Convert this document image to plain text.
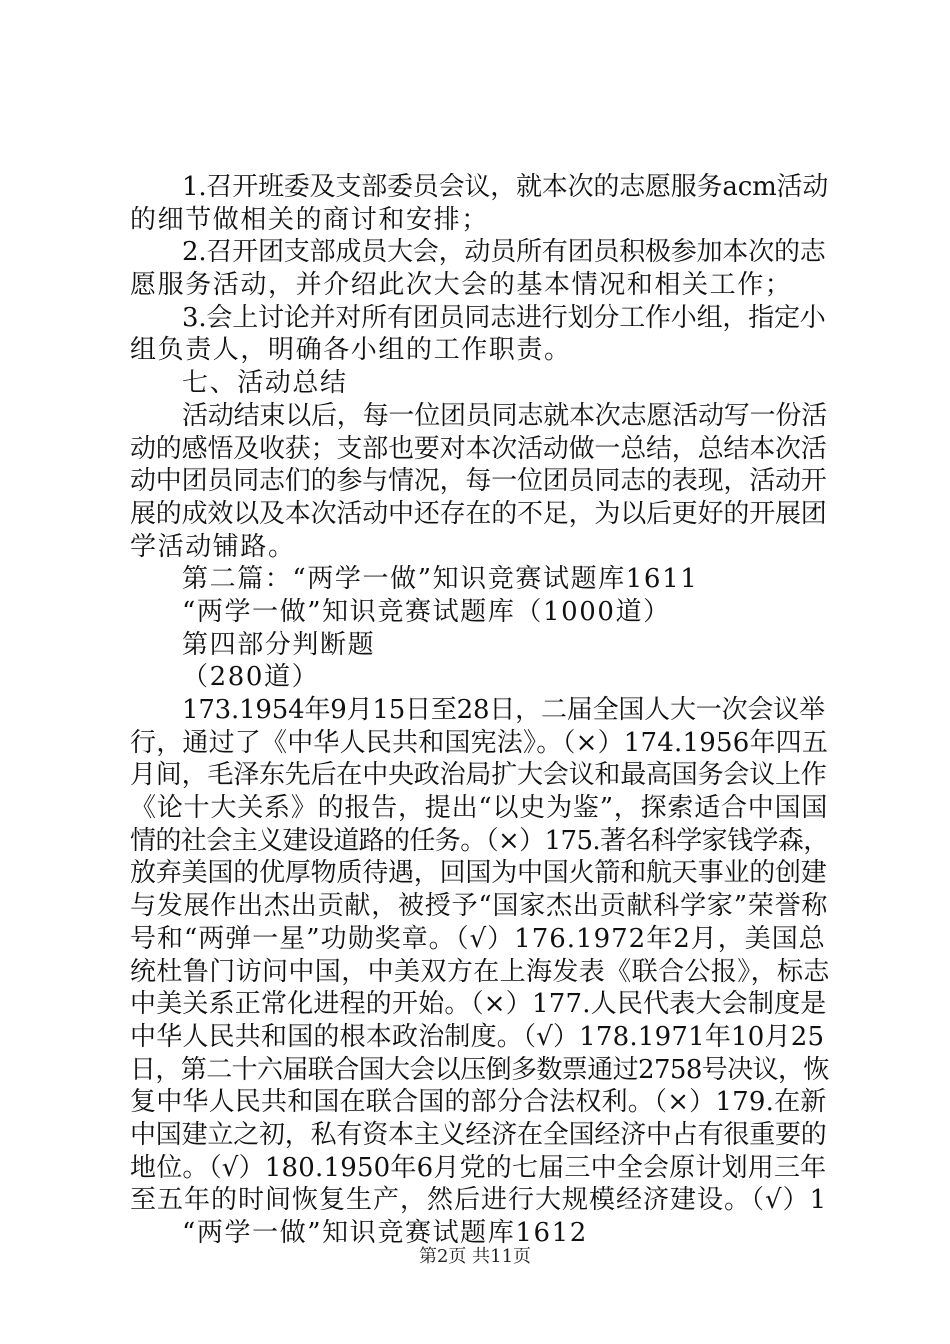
1.召开班委及支部委员会议，就本次的志愿服务acm活动
的细节做相关的商讨和安排；
2.召开团支部成员大会，动员所有团员积极参加本次的志
愿服务活动，并介绍此次大会的基本情况和相关工作；
3.会上讨论并对所有团员同志进行划分工作小组，指定小
组负责人，明确各小组的工作职责。
七、活动总结
活动结束以后，每一位团员同志就本次志愿活动写一份活
动的感悟及收获；支部也要对本次活动做一总结，总结本次活
动中团员同志们的参与情况，每一位团员同志的表现，活动开
展的成效以及本次活动中还存在的不足，为以后更好的开展团
学活动铺路。
第二篇：“两学一做”知识竞赛试题库1611
“两学一做”知识竞赛试题库（1000道）
第四部分判断题
（280道）
173.1954年9月15日至28日，二届全国人大一次会议举
行，通过了《中华人民共和国宪法》。（×）174.1956年四五
月间，毛泽东先后在中央政治局扩大会议和最高国务会议上作
《论十大关系》的报告，提出“以史为鉴”，探索适合中国国
情的社会主义建设道路的任务。（×）175.著名科学家钱学森，
放弃美国的优厚物质待遇，回国为中国火箭和航天事业的创建
与发展作出杰出贡献，被授予“国家杰出贡献科学家”荣誉称
号和“两弹一星”功勋奖章。（√）176.1972年2月，美国总
统杜鲁门访问中国，中美双方在上海发表《联合公报》，标志
中美关系正常化进程的开始。（×）177.人民代表大会制度是
中华人民共和国的根本政治制度。（√）178.1971年10月25
日，第二十六届联合国大会以压倒多数票通过2758号决议，恢
复中华人民共和国在联合国的部分合法权利。（×）179.在新
中国建立之初，私有资本主义经济在全国经济中占有很重要的
地位。（√）180.1950年6月党的七届三中全会原计划用三年
至五年的时间恢复生产，然后进行大规模经济建设。（√）1
“两学一做”知识竞赛试题库1612
第2页 共11页
